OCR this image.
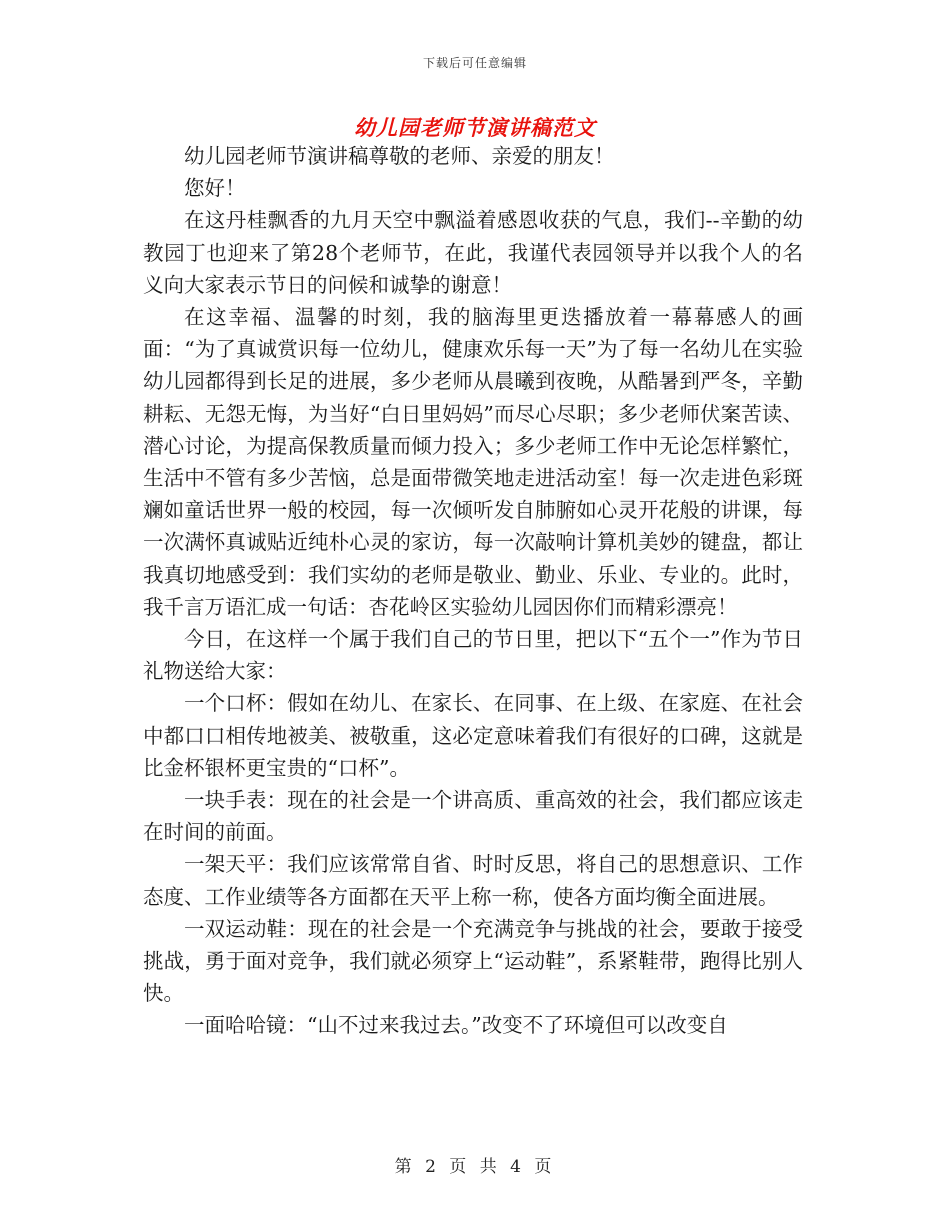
下载后可任意编辑
幼儿园老师节演讲稿范文

幼儿园老师节演讲稿尊敬的老师、亲爱的朋友！

您好！

在这丹桂飘香的九月天空中飘溢着感恩收获的气息，我们--辛勤的幼教园丁也迎来了第28个老师节，在此，我谨代表园领导并以我个人的名义向大家表示节日的问候和诚挚的谢意！

在这幸福、温馨的时刻，我的脑海里更迭播放着一幕幕感人的画面：“为了真诚赏识每一位幼儿，健康欢乐每一天”为了每一名幼儿在实验幼儿园都得到长足的进展，多少老师从晨曦到夜晚，从酷暑到严冬，辛勤耕耘、无怨无悔，为当好“白日里妈妈”而尽心尽职；多少老师伏案苦读、潜心讨论，为提高保教质量而倾力投入；多少老师工作中无论怎样繁忙，生活中不管有多少苦恼，总是面带微笑地走进活动室！每一次走进色彩斑斓如童话世界一般的校园，每一次倾听发自肺腑如心灵开花般的讲课，每一次满怀真诚贴近纯朴心灵的家访，每一次敲响计算机美妙的键盘，都让我真切地感受到：我们实幼的老师是敬业、勤业、乐业、专业的。此时，我千言万语汇成一句话：杏花岭区实验幼儿园因你们而精彩漂亮！

今日，在这样一个属于我们自己的节日里，把以下“五个一”作为节日礼物送给大家：

一个口杯：假如在幼儿、在家长、在同事、在上级、在家庭、在社会中都口口相传地被美、被敬重，这必定意味着我们有很好的口碑，这就是比金杯银杯更宝贵的“口杯”。

一块手表：现在的社会是一个讲高质、重高效的社会，我们都应该走在时间的前面。

一架天平：我们应该常常自省、时时反思，将自己的思想意识、工作态度、工作业绩等各方面都在天平上称一称，使各方面均衡全面进展。

一双运动鞋：现在的社会是一个充满竞争与挑战的社会，要敢于接受挑战，勇于面对竞争，我们就必须穿上“运动鞋”，系紧鞋带，跑得比别人快。

一面哈哈镜：“山不过来我过去。”改变不了环境但可以改变自

第 2 页 共 4 页
